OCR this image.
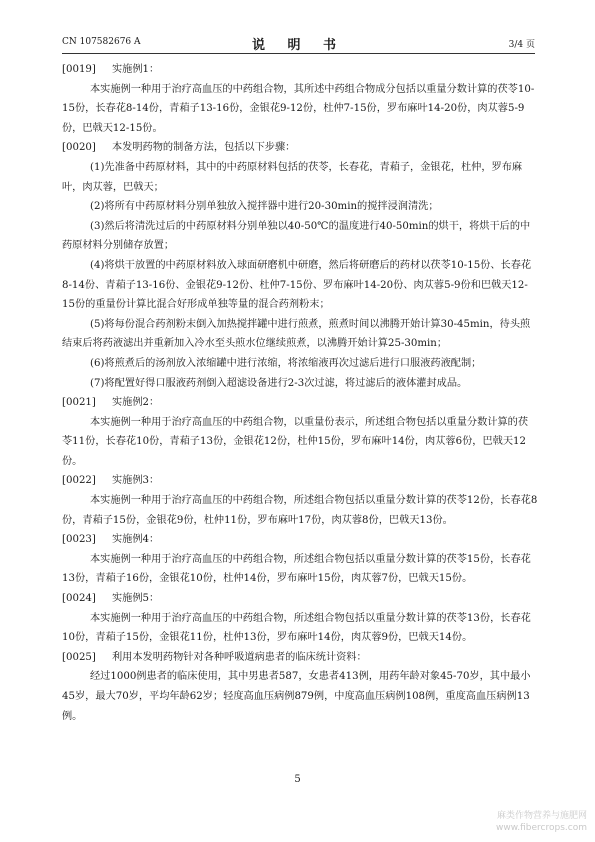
CN 107582676 A	说 明 书	3/4 页
[0019] 实施例1：
本实施例一种用于治疗高血压的中药组合物，其所述中药组合物成分包括以重量分数计算的茯苓10-15份，长春花8-14份，青葙子13-16份，金银花9-12份，杜仲7-15份，罗布麻叶14-20份，肉苁蓉5-9份，巴戟天12-15份。
[0020] 本发明药物的制备方法，包括以下步骤：
(1)先准备中药原材料，其中的中药原材料包括的茯苓，长春花，青葙子，金银花，杜仲，罗布麻叶，肉苁蓉，巴戟天；
(2)将所有中药原材料分别单独放入搅拌器中进行20-30min的搅拌浸润清洗；
(3)然后将清洗过后的中药原材料分别单独以40-50℃的温度进行40-50min的烘干，将烘干后的中药原材料分别储存放置；
(4)将烘干放置的中药原材料放入球面研磨机中研磨，然后将研磨后的药材以茯苓10-15份、长春花8-14份、青葙子13-16份、金银花9-12份、杜仲7-15份、罗布麻叶14-20份、肉苁蓉5-9份和巴戟天12-15份的重量份计算比混合好形成单独等量的混合药剂粉末；
(5)将每份混合药剂粉末倒入加热搅拌罐中进行煎煮，煎煮时间以沸腾开始计算30-45min，待头煎结束后将药液滤出并重新加入冷水至头煎水位继续煎煮，以沸腾开始计算25-30min；
(6)将煎煮后的汤剂放入浓缩罐中进行浓缩，将浓缩液再次过滤后进行口服液药液配制；
(7)将配置好得口服液药剂倒入超滤设备进行2-3次过滤，将过滤后的液体灌封成品。
[0021] 实施例2：
本实施例一种用于治疗高血压的中药组合物，以重量份表示，所述组合物包括以重量分数计算的茯苓11份，长春花10份，青葙子13份，金银花12份，杜仲15份，罗布麻叶14份，肉苁蓉6份，巴戟天12份。
[0022] 实施例3：
本实施例一种用于治疗高血压的中药组合物，所述组合物包括以重量分数计算的茯苓12份，长春花8份，青葙子15份，金银花9份，杜仲11份，罗布麻叶17份，肉苁蓉8份，巴戟天13份。
[0023] 实施例4：
本实施例一种用于治疗高血压的中药组合物，所述组合物包括以重量分数计算的茯苓15份，长春花13份，青葙子16份，金银花10份，杜仲14份，罗布麻叶15份，肉苁蓉7份，巴戟天15份。
[0024] 实施例5：
本实施例一种用于治疗高血压的中药组合物，所述组合物包括以重量分数计算的茯苓13份，长春花10份，青葙子15份，金银花11份，杜仲13份，罗布麻叶14份，肉苁蓉9份，巴戟天14份。
[0025] 利用本发明药物针对各种呼吸道病患者的临床统计资料：
经过1000例患者的临床使用，其中男患者587，女患者413例，用药年龄对象45-70岁，其中最小45岁，最大70岁，平均年龄62岁；轻度高血压病例879例，中度高血压病例108例，重度高血压病例13例。
5
麻类作物营养与施肥网
www.fibercrops.com
